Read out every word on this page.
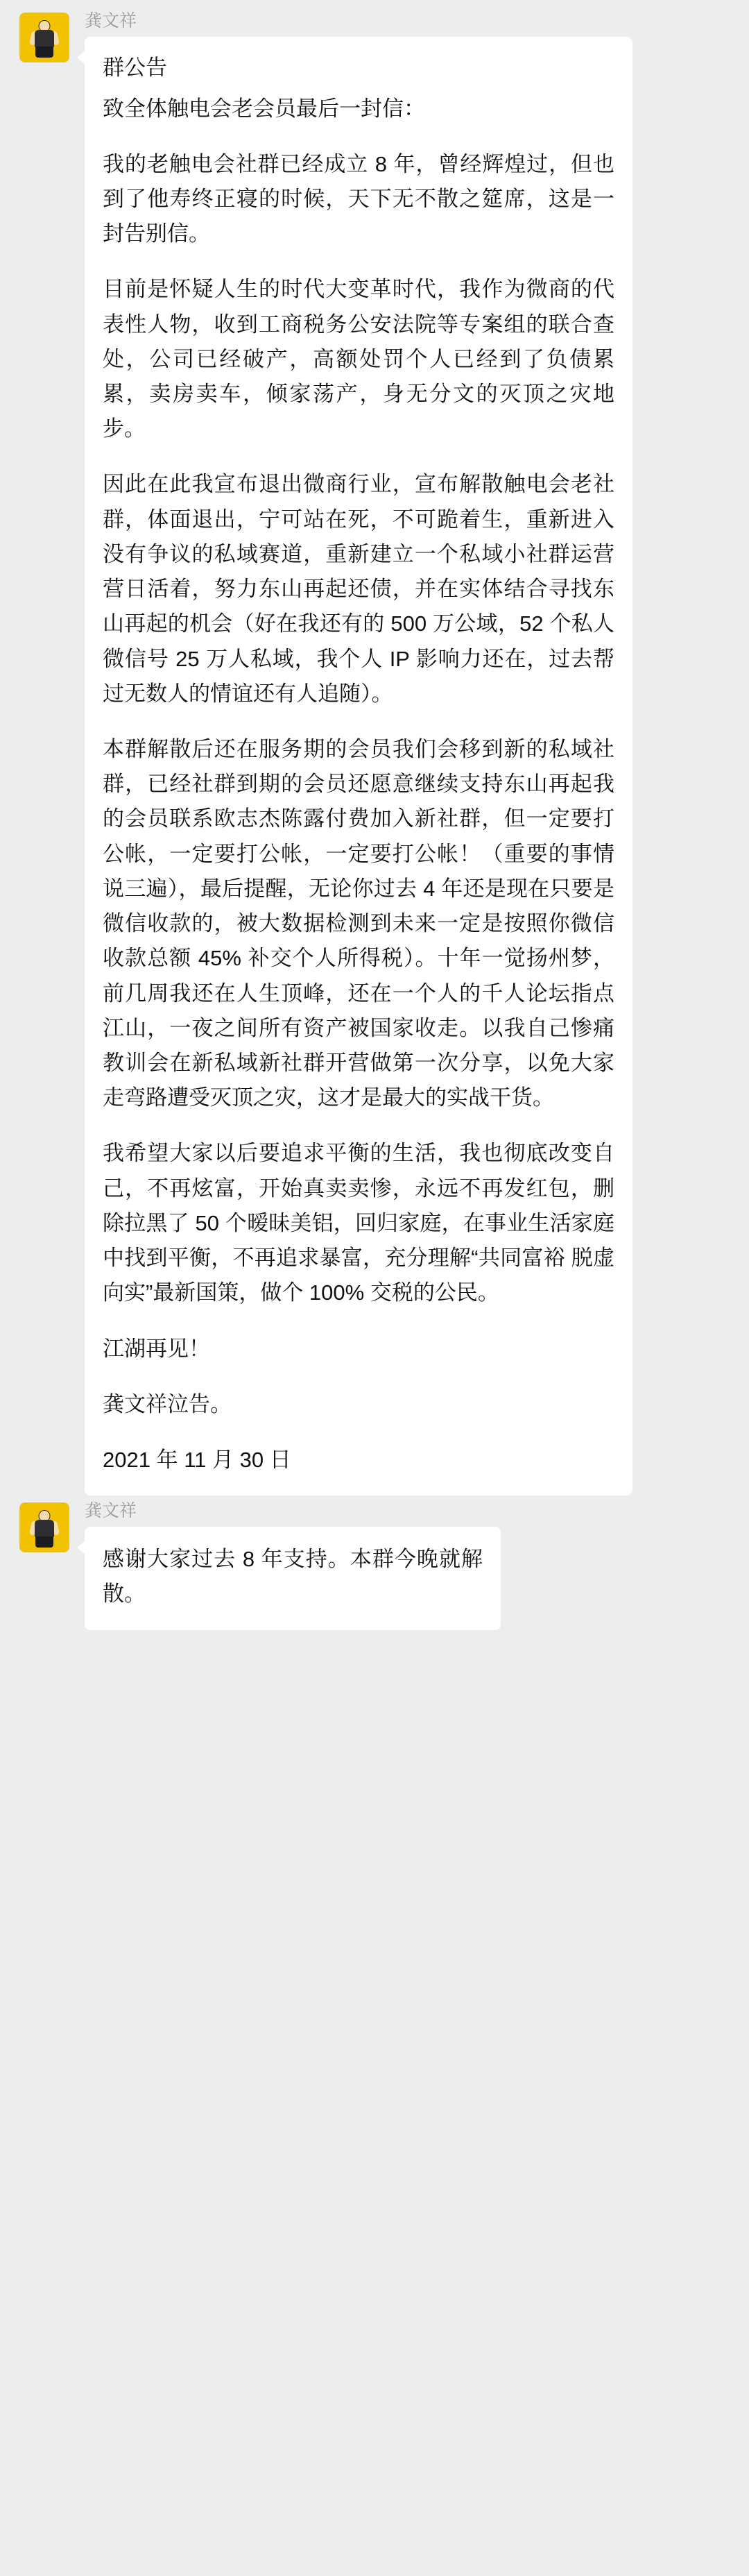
龚文祥
群公告

致全体触电会老会员最后一封信：

我的老触电会社群已经成立 8 年，曾经辉煌过，但也到了他寿终正寝的时候，天下无不散之筵席，这是一封告别信。

目前是怀疑人生的时代大变革时代，我作为微商的代表性人物，收到工商税务公安法院等专案组的联合查处，公司已经破产，高额处罚个人已经到了负债累累，卖房卖车，倾家荡产，身无分文的灭顶之灾地步。

因此在此我宣布退出微商行业，宣布解散触电会老社群，体面退出，宁可站在死，不可跪着生，重新进入没有争议的私域赛道，重新建立一个私域小社群运营营日活着，努力东山再起还债，并在实体结合寻找东山再起的机会（好在我还有的 500 万公域，52 个私人微信号 25 万人私域，我个人 IP 影响力还在，过去帮过无数人的情谊还有人追随）。

本群解散后还在服务期的会员我们会移到新的私域社群，已经社群到期的会员还愿意继续支持东山再起我的会员联系欧志杰陈露付费加入新社群，但一定要打公帐，一定要打公帐，一定要打公帐！（重要的事情说三遍），最后提醒，无论你过去 4 年还是现在只要是微信收款的，被大数据检测到未来一定是按照你微信收款总额 45% 补交个人所得税）。十年一觉扬州梦，前几周我还在人生顶峰，还在一个人的千人论坛指点江山，一夜之间所有资产被国家收走。以我自己惨痛教训会在新私域新社群开营做第一次分享，以免大家走弯路遭受灭顶之灾，这才是最大的实战干货。

我希望大家以后要追求平衡的生活，我也彻底改变自己，不再炫富，开始真卖卖惨，永远不再发红包，删除拉黑了 50 个暧昧美铝，回归家庭，在事业生活家庭中找到平衡，不再追求暴富，充分理解“共同富裕 脱虚向实”最新国策，做个 100% 交税的公民。

江湖再见！

龚文祥泣告。

2021 年 11 月 30 日

龚文祥

感谢大家过去 8 年支持。本群今晚就解散。
